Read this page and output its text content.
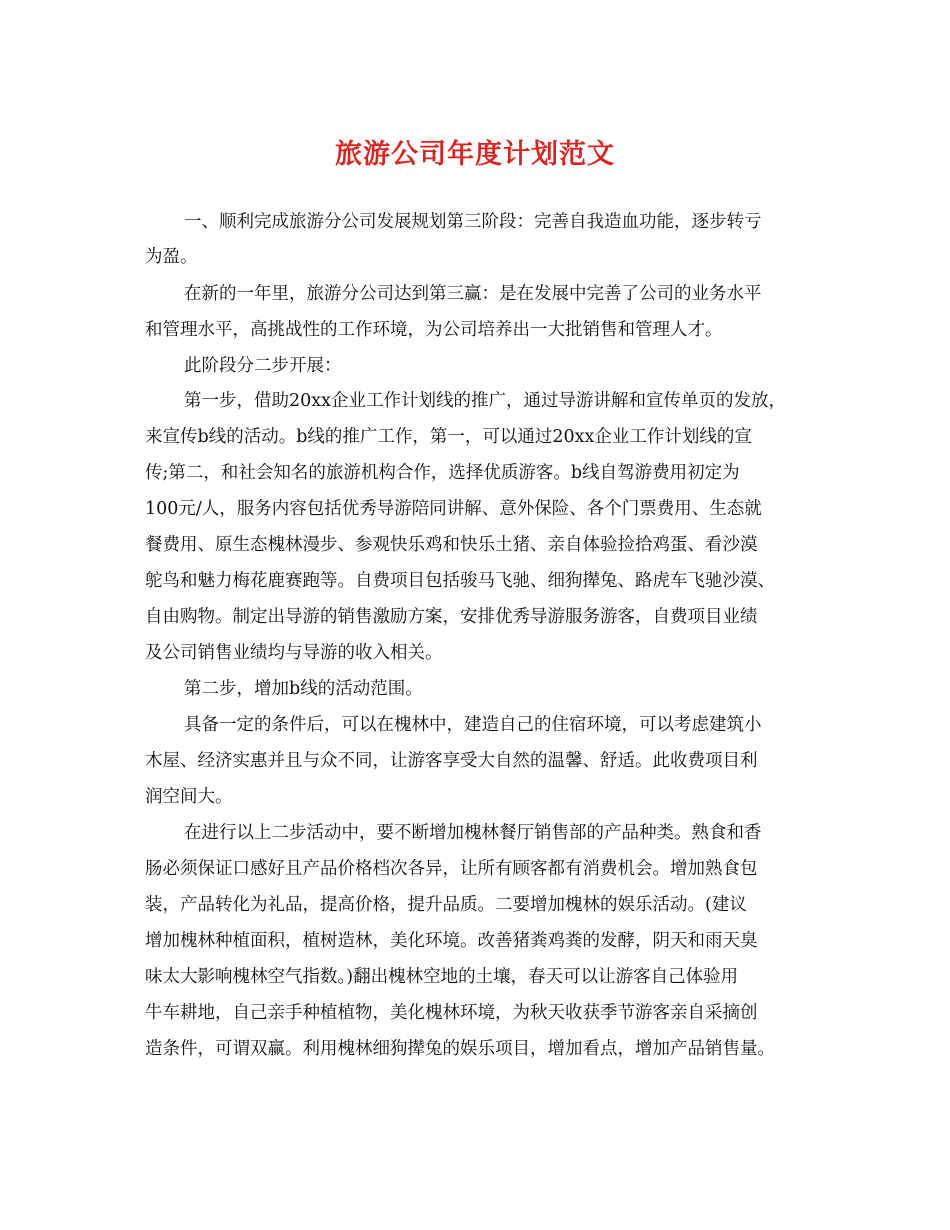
旅游公司年度计划范文
一、顺利完成旅游分公司发展规划第三阶段：完善自我造血功能，逐步转亏
为盈。
在新的一年里，旅游分公司达到第三赢：是在发展中完善了公司的业务水平
和管理水平，高挑战性的工作环境，为公司培养出一大批销售和管理人才。
此阶段分二步开展：
第一步，借助20xx企业工作计划线的推广，通过导游讲解和宣传单页的发放，
来宣传b线的活动。b线的推广工作，第一，可以通过20xx企业工作计划线的宣
传;第二，和社会知名的旅游机构合作，选择优质游客。b线自驾游费用初定为
100元/人，服务内容包括优秀导游陪同讲解、意外保险、各个门票费用、生态就
餐费用、原生态槐林漫步、参观快乐鸡和快乐土猪、亲自体验捡拾鸡蛋、看沙漠
鸵鸟和魅力梅花鹿赛跑等。自费项目包括骏马飞驰、细狗撵兔、路虎车飞驰沙漠、
自由购物。制定出导游的销售激励方案，安排优秀导游服务游客，自费项目业绩
及公司销售业绩均与导游的收入相关。
第二步，增加b线的活动范围。
具备一定的条件后，可以在槐林中，建造自己的住宿环境，可以考虑建筑小
木屋、经济实惠并且与众不同，让游客享受大自然的温馨、舒适。此收费项目利
润空间大。
在进行以上二步活动中，要不断增加槐林餐厅销售部的产品种类。熟食和香
肠必须保证口感好且产品价格档次各异，让所有顾客都有消费机会。增加熟食包
装，产品转化为礼品，提高价格，提升品质。二要增加槐林的娱乐活动。(建议
增加槐林种植面积，植树造林，美化环境。改善猪粪鸡粪的发酵，阴天和雨天臭
味太大影响槐林空气指数。)翻出槐林空地的土壤，春天可以让游客自己体验用
牛车耕地，自己亲手种植植物，美化槐林环境，为秋天收获季节游客亲自采摘创
造条件，可谓双赢。利用槐林细狗撵兔的娱乐项目，增加看点，增加产品销售量。
